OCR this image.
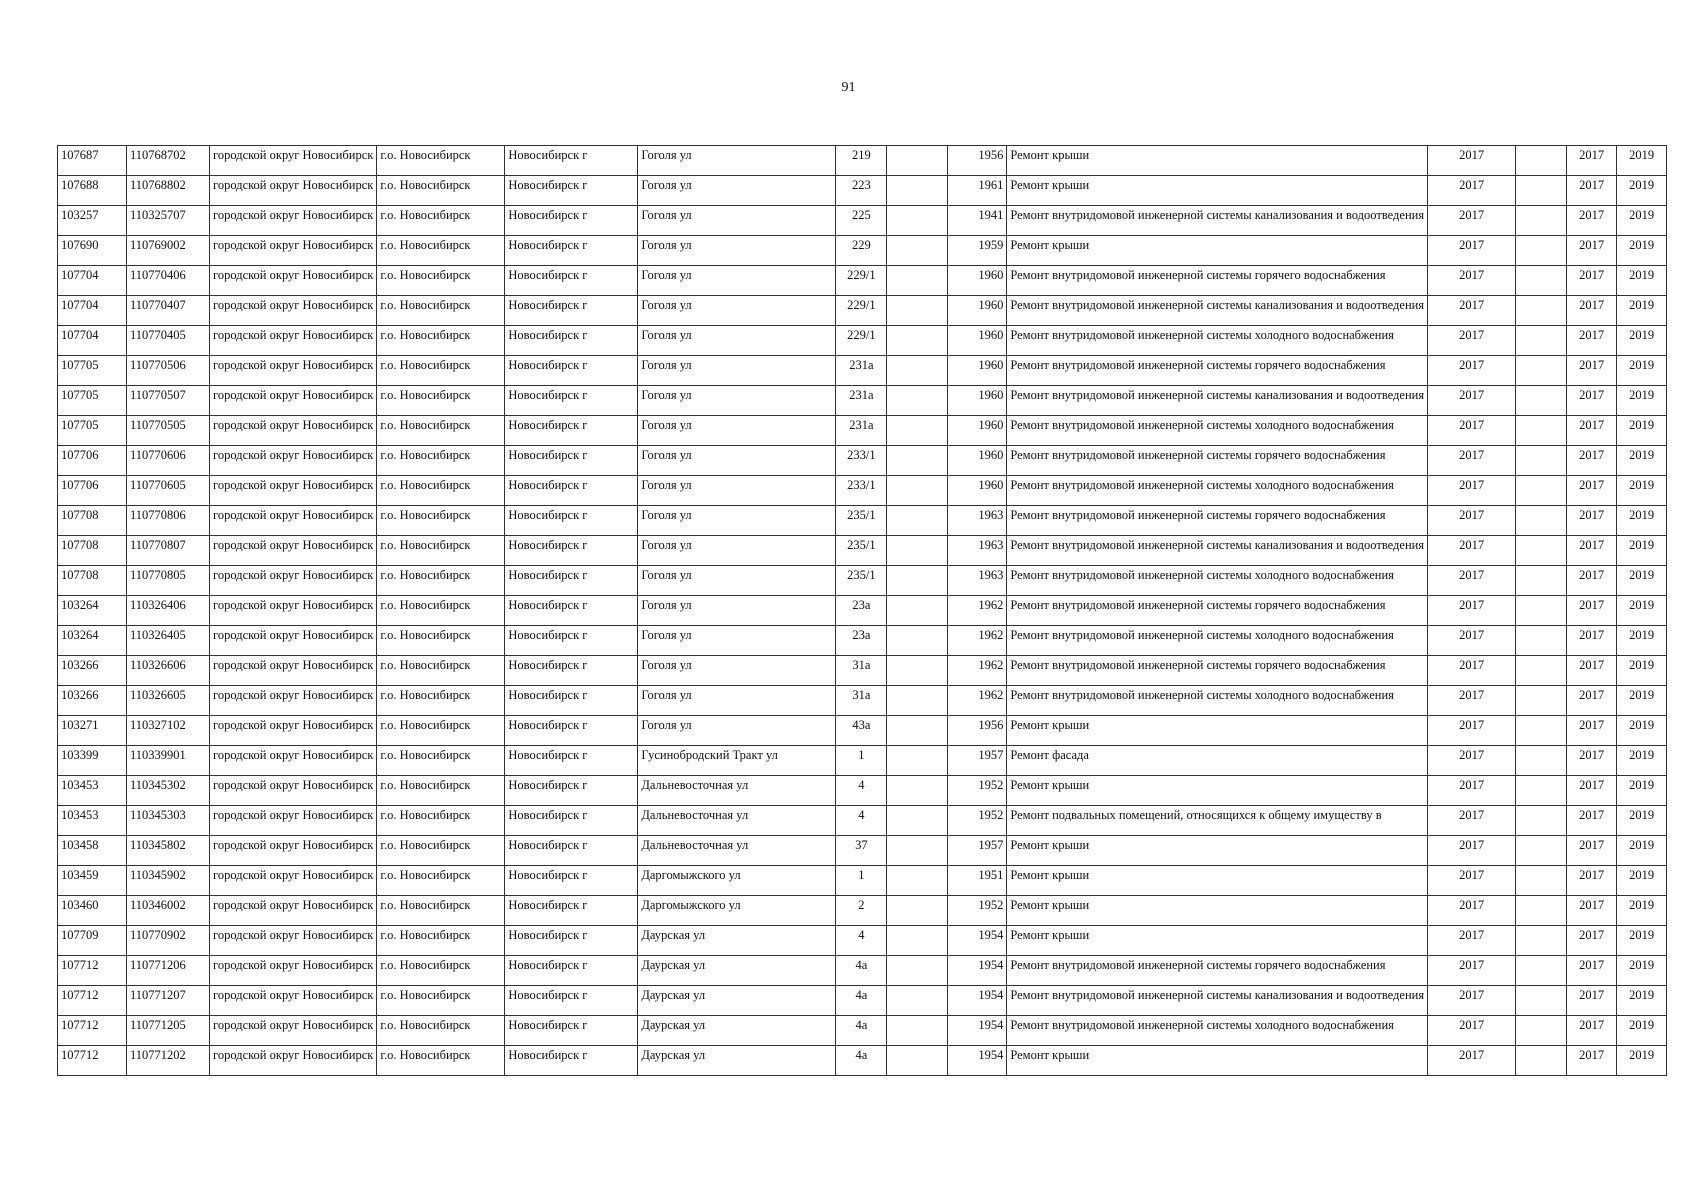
91
107687	110768702	городской округ Новосибирск	г.о. Новосибирск	Новосибирск г	Гоголя ул	219		1956	Ремонт крыши	2017		2017	2019
107688	110768802	городской округ Новосибирск	г.о. Новосибирск	Новосибирск г	Гоголя ул	223		1961	Ремонт крыши	2017		2017	2019
103257	110325707	городской округ Новосибирск	г.о. Новосибирск	Новосибирск г	Гоголя ул	225		1941	Ремонт внутридомовой инженерной системы канализования и водоотведения	2017		2017	2019
107690	110769002	городской округ Новосибирск	г.о. Новосибирск	Новосибирск г	Гоголя ул	229		1959	Ремонт крыши	2017		2017	2019
107704	110770406	городской округ Новосибирск	г.о. Новосибирск	Новосибирск г	Гоголя ул	229/1		1960	Ремонт внутридомовой инженерной системы горячего водоснабжения	2017		2017	2019
107704	110770407	городской округ Новосибирск	г.о. Новосибирск	Новосибирск г	Гоголя ул	229/1		1960	Ремонт внутридомовой инженерной системы канализования и водоотведения	2017		2017	2019
107704	110770405	городской округ Новосибирск	г.о. Новосибирск	Новосибирск г	Гоголя ул	229/1		1960	Ремонт внутридомовой инженерной системы холодного водоснабжения	2017		2017	2019
107705	110770506	городской округ Новосибирск	г.о. Новосибирск	Новосибирск г	Гоголя ул	231а		1960	Ремонт внутридомовой инженерной системы горячего водоснабжения	2017		2017	2019
107705	110770507	городской округ Новосибирск	г.о. Новосибирск	Новосибирск г	Гоголя ул	231а		1960	Ремонт внутридомовой инженерной системы канализования и водоотведения	2017		2017	2019
107705	110770505	городской округ Новосибирск	г.о. Новосибирск	Новосибирск г	Гоголя ул	231а		1960	Ремонт внутридомовой инженерной системы холодного водоснабжения	2017		2017	2019
107706	110770606	городской округ Новосибирск	г.о. Новосибирск	Новосибирск г	Гоголя ул	233/1		1960	Ремонт внутридомовой инженерной системы горячего водоснабжения	2017		2017	2019
107706	110770605	городской округ Новосибирск	г.о. Новосибирск	Новосибирск г	Гоголя ул	233/1		1960	Ремонт внутридомовой инженерной системы холодного водоснабжения	2017		2017	2019
107708	110770806	городской округ Новосибирск	г.о. Новосибирск	Новосибирск г	Гоголя ул	235/1		1963	Ремонт внутридомовой инженерной системы горячего водоснабжения	2017		2017	2019
107708	110770807	городской округ Новосибирск	г.о. Новосибирск	Новосибирск г	Гоголя ул	235/1		1963	Ремонт внутридомовой инженерной системы канализования и водоотведения	2017		2017	2019
107708	110770805	городской округ Новосибирск	г.о. Новосибирск	Новосибирск г	Гоголя ул	235/1		1963	Ремонт внутридомовой инженерной системы холодного водоснабжения	2017		2017	2019
103264	110326406	городской округ Новосибирск	г.о. Новосибирск	Новосибирск г	Гоголя ул	23а		1962	Ремонт внутридомовой инженерной системы горячего водоснабжения	2017		2017	2019
103264	110326405	городской округ Новосибирск	г.о. Новосибирск	Новосибирск г	Гоголя ул	23а		1962	Ремонт внутридомовой инженерной системы холодного водоснабжения	2017		2017	2019
103266	110326606	городской округ Новосибирск	г.о. Новосибирск	Новосибирск г	Гоголя ул	31а		1962	Ремонт внутридомовой инженерной системы горячего водоснабжения	2017		2017	2019
103266	110326605	городской округ Новосибирск	г.о. Новосибирск	Новосибирск г	Гоголя ул	31а		1962	Ремонт внутридомовой инженерной системы холодного водоснабжения	2017		2017	2019
103271	110327102	городской округ Новосибирск	г.о. Новосибирск	Новосибирск г	Гоголя ул	43а		1956	Ремонт крыши	2017		2017	2019
103399	110339901	городской округ Новосибирск	г.о. Новосибирск	Новосибирск г	Гусинобродский Тракт ул	1		1957	Ремонт фасада	2017		2017	2019
103453	110345302	городской округ Новосибирск	г.о. Новосибирск	Новосибирск г	Дальневосточная ул	4		1952	Ремонт крыши	2017		2017	2019
103453	110345303	городской округ Новосибирск	г.о. Новосибирск	Новосибирск г	Дальневосточная ул	4		1952	Ремонт подвальных помещений, относящихся к общему имуществу в	2017		2017	2019
103458	110345802	городской округ Новосибирск	г.о. Новосибирск	Новосибирск г	Дальневосточная ул	37		1957	Ремонт крыши	2017		2017	2019
103459	110345902	городской округ Новосибирск	г.о. Новосибирск	Новосибирск г	Даргомыжского ул	1		1951	Ремонт крыши	2017		2017	2019
103460	110346002	городской округ Новосибирск	г.о. Новосибирск	Новосибирск г	Даргомыжского ул	2		1952	Ремонт крыши	2017		2017	2019
107709	110770902	городской округ Новосибирск	г.о. Новосибирск	Новосибирск г	Даурская ул	4		1954	Ремонт крыши	2017		2017	2019
107712	110771206	городской округ Новосибирск	г.о. Новосибирск	Новосибирск г	Даурская ул	4а		1954	Ремонт внутридомовой инженерной системы горячего водоснабжения	2017		2017	2019
107712	110771207	городской округ Новосибирск	г.о. Новосибирск	Новосибирск г	Даурская ул	4а		1954	Ремонт внутридомовой инженерной системы канализования и водоотведения	2017		2017	2019
107712	110771205	городской округ Новосибирск	г.о. Новосибирск	Новосибирск г	Даурская ул	4а		1954	Ремонт внутридомовой инженерной системы холодного водоснабжения	2017		2017	2019
107712	110771202	городской округ Новосибирск	г.о. Новосибирск	Новосибирск г	Даурская ул	4а		1954	Ремонт крыши	2017		2017	2019
